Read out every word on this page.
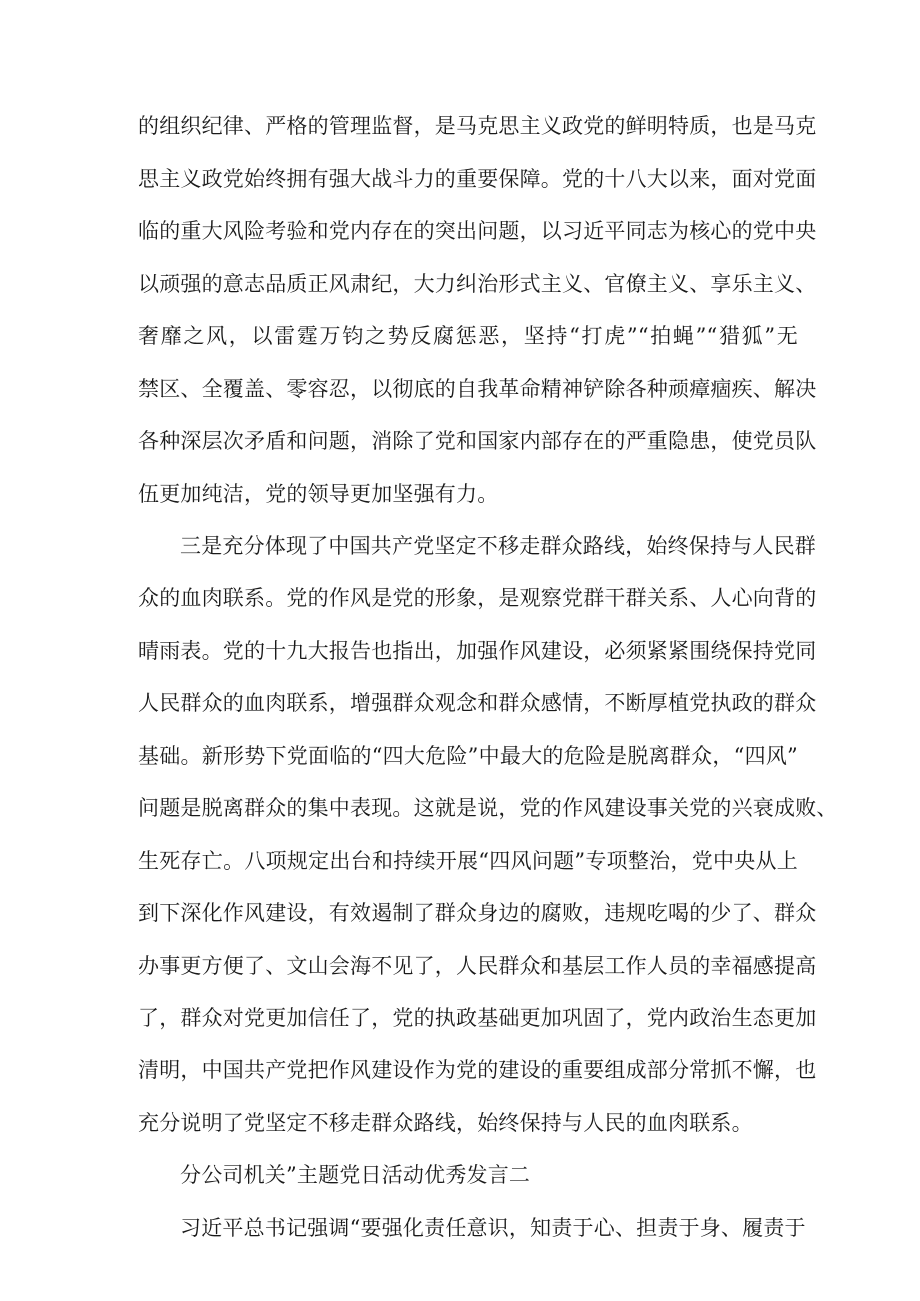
的组织纪律、严格的管理监督，是马克思主义政党的鲜明特质，也是马克
思主义政党始终拥有强大战斗力的重要保障。党的十八大以来，面对党面
临的重大风险考验和党内存在的突出问题，以习近平同志为核心的党中央
以顽强的意志品质正风肃纪，大力纠治形式主义、官僚主义、享乐主义、
奢靡之风，以雷霆万钧之势反腐惩恶，坚持“打虎”“拍蝇”“猎狐”无
禁区、全覆盖、零容忍，以彻底的自我革命精神铲除各种顽瘴痼疾、解决
各种深层次矛盾和问题，消除了党和国家内部存在的严重隐患，使党员队
伍更加纯洁，党的领导更加坚强有力。
三是充分体现了中国共产党坚定不移走群众路线，始终保持与人民群
众的血肉联系。党的作风是党的形象，是观察党群干群关系、人心向背的
晴雨表。党的十九大报告也指出，加强作风建设，必须紧紧围绕保持党同
人民群众的血肉联系，增强群众观念和群众感情，不断厚植党执政的群众
基础。新形势下党面临的“四大危险”中最大的危险是脱离群众，“四风”
问题是脱离群众的集中表现。这就是说，党的作风建设事关党的兴衰成败、
生死存亡。八项规定出台和持续开展“四风问题”专项整治，党中央从上
到下深化作风建设，有效遏制了群众身边的腐败，违规吃喝的少了、群众
办事更方便了、文山会海不见了，人民群众和基层工作人员的幸福感提高
了，群众对党更加信任了，党的执政基础更加巩固了，党内政治生态更加
清明，中国共产党把作风建设作为党的建设的重要组成部分常抓不懈，也
充分说明了党坚定不移走群众路线，始终保持与人民的血肉联系。
分公司机关”主题党日活动优秀发言二
习近平总书记强调“要强化责任意识，知责于心、担责于身、履责于
